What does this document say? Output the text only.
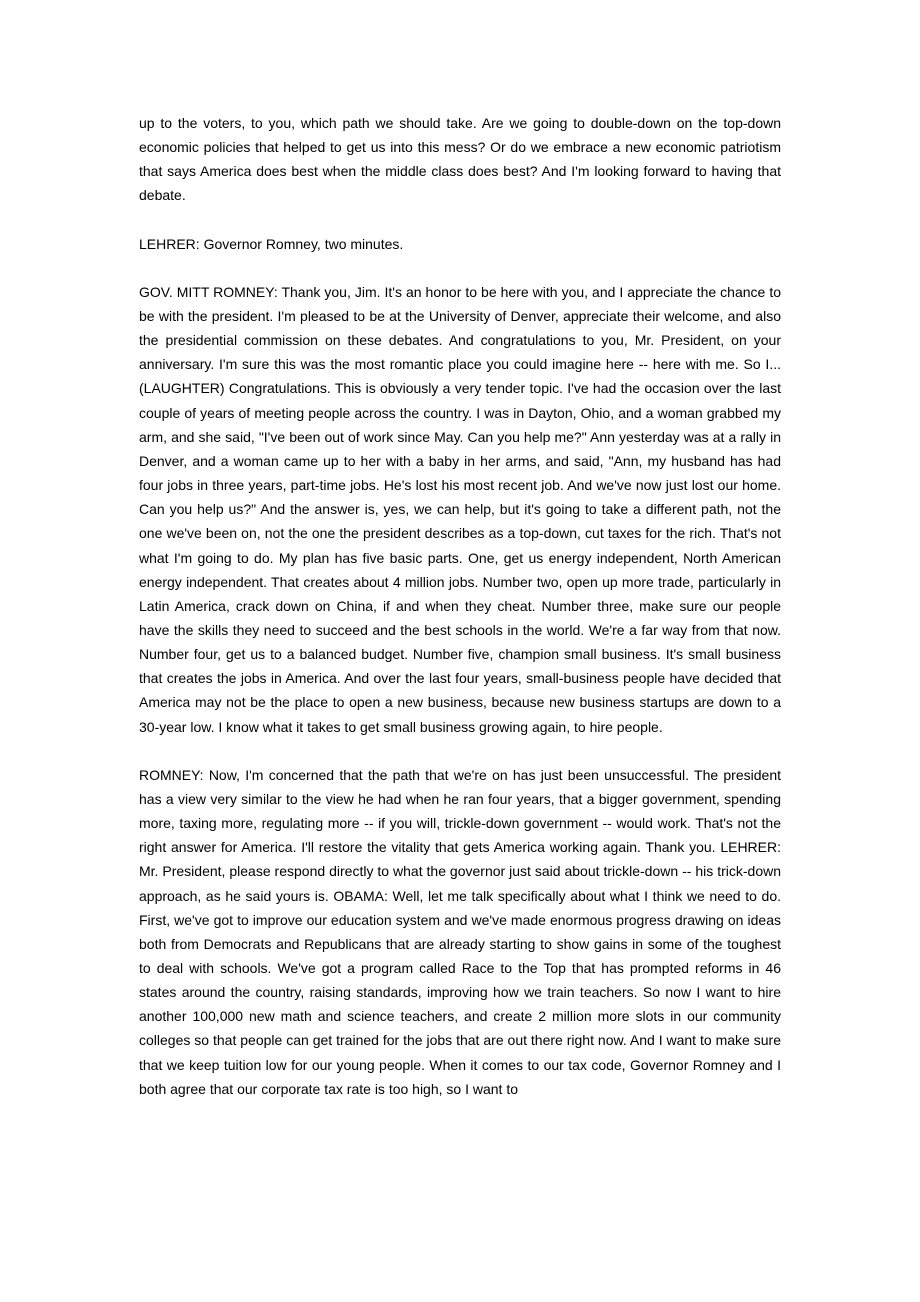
up to the voters, to you, which path we should take. Are we going to double-down on the top-down economic policies that helped to get us into this mess? Or do we embrace a new economic patriotism that says America does best when the middle class does best? And I'm looking forward to having that debate.

LEHRER: Governor Romney, two minutes.

GOV. MITT ROMNEY: Thank you, Jim. It's an honor to be here with you, and I appreciate the chance to be with the president. I'm pleased to be at the University of Denver, appreciate their welcome, and also the presidential commission on these debates. And congratulations to you, Mr. President, on your anniversary. I'm sure this was the most romantic place you could imagine here -- here with me. So I... (LAUGHTER) Congratulations. This is obviously a very tender topic. I've had the occasion over the last couple of years of meeting people across the country. I was in Dayton, Ohio, and a woman grabbed my arm, and she said, "I've been out of work since May. Can you help me?" Ann yesterday was at a rally in Denver, and a woman came up to her with a baby in her arms, and said, "Ann, my husband has had four jobs in three years, part-time jobs. He's lost his most recent job. And we've now just lost our home. Can you help us?" And the answer is, yes, we can help, but it's going to take a different path, not the one we've been on, not the one the president describes as a top-down, cut taxes for the rich. That's not what I'm going to do. My plan has five basic parts. One, get us energy independent, North American energy independent. That creates about 4 million jobs. Number two, open up more trade, particularly in Latin America, crack down on China, if and when they cheat. Number three, make sure our people have the skills they need to succeed and the best schools in the world. We're a far way from that now. Number four, get us to a balanced budget. Number five, champion small business. It's small business that creates the jobs in America. And over the last four years, small-business people have decided that America may not be the place to open a new business, because new business startups are down to a 30-year low. I know what it takes to get small business growing again, to hire people.

ROMNEY: Now, I'm concerned that the path that we're on has just been unsuccessful. The president has a view very similar to the view he had when he ran four years, that a bigger government, spending more, taxing more, regulating more -- if you will, trickle-down government -- would work. That's not the right answer for America. I'll restore the vitality that gets America working again. Thank you. LEHRER: Mr. President, please respond directly to what the governor just said about trickle-down -- his trick-down approach, as he said yours is. OBAMA: Well, let me talk specifically about what I think we need to do. First, we've got to improve our education system and we've made enormous progress drawing on ideas both from Democrats and Republicans that are already starting to show gains in some of the toughest to deal with schools. We've got a program called Race to the Top that has prompted reforms in 46 states around the country, raising standards, improving how we train teachers. So now I want to hire another 100,000 new math and science teachers, and create 2 million more slots in our community colleges so that people can get trained for the jobs that are out there right now. And I want to make sure that we keep tuition low for our young people. When it comes to our tax code, Governor Romney and I both agree that our corporate tax rate is too high, so I want to
